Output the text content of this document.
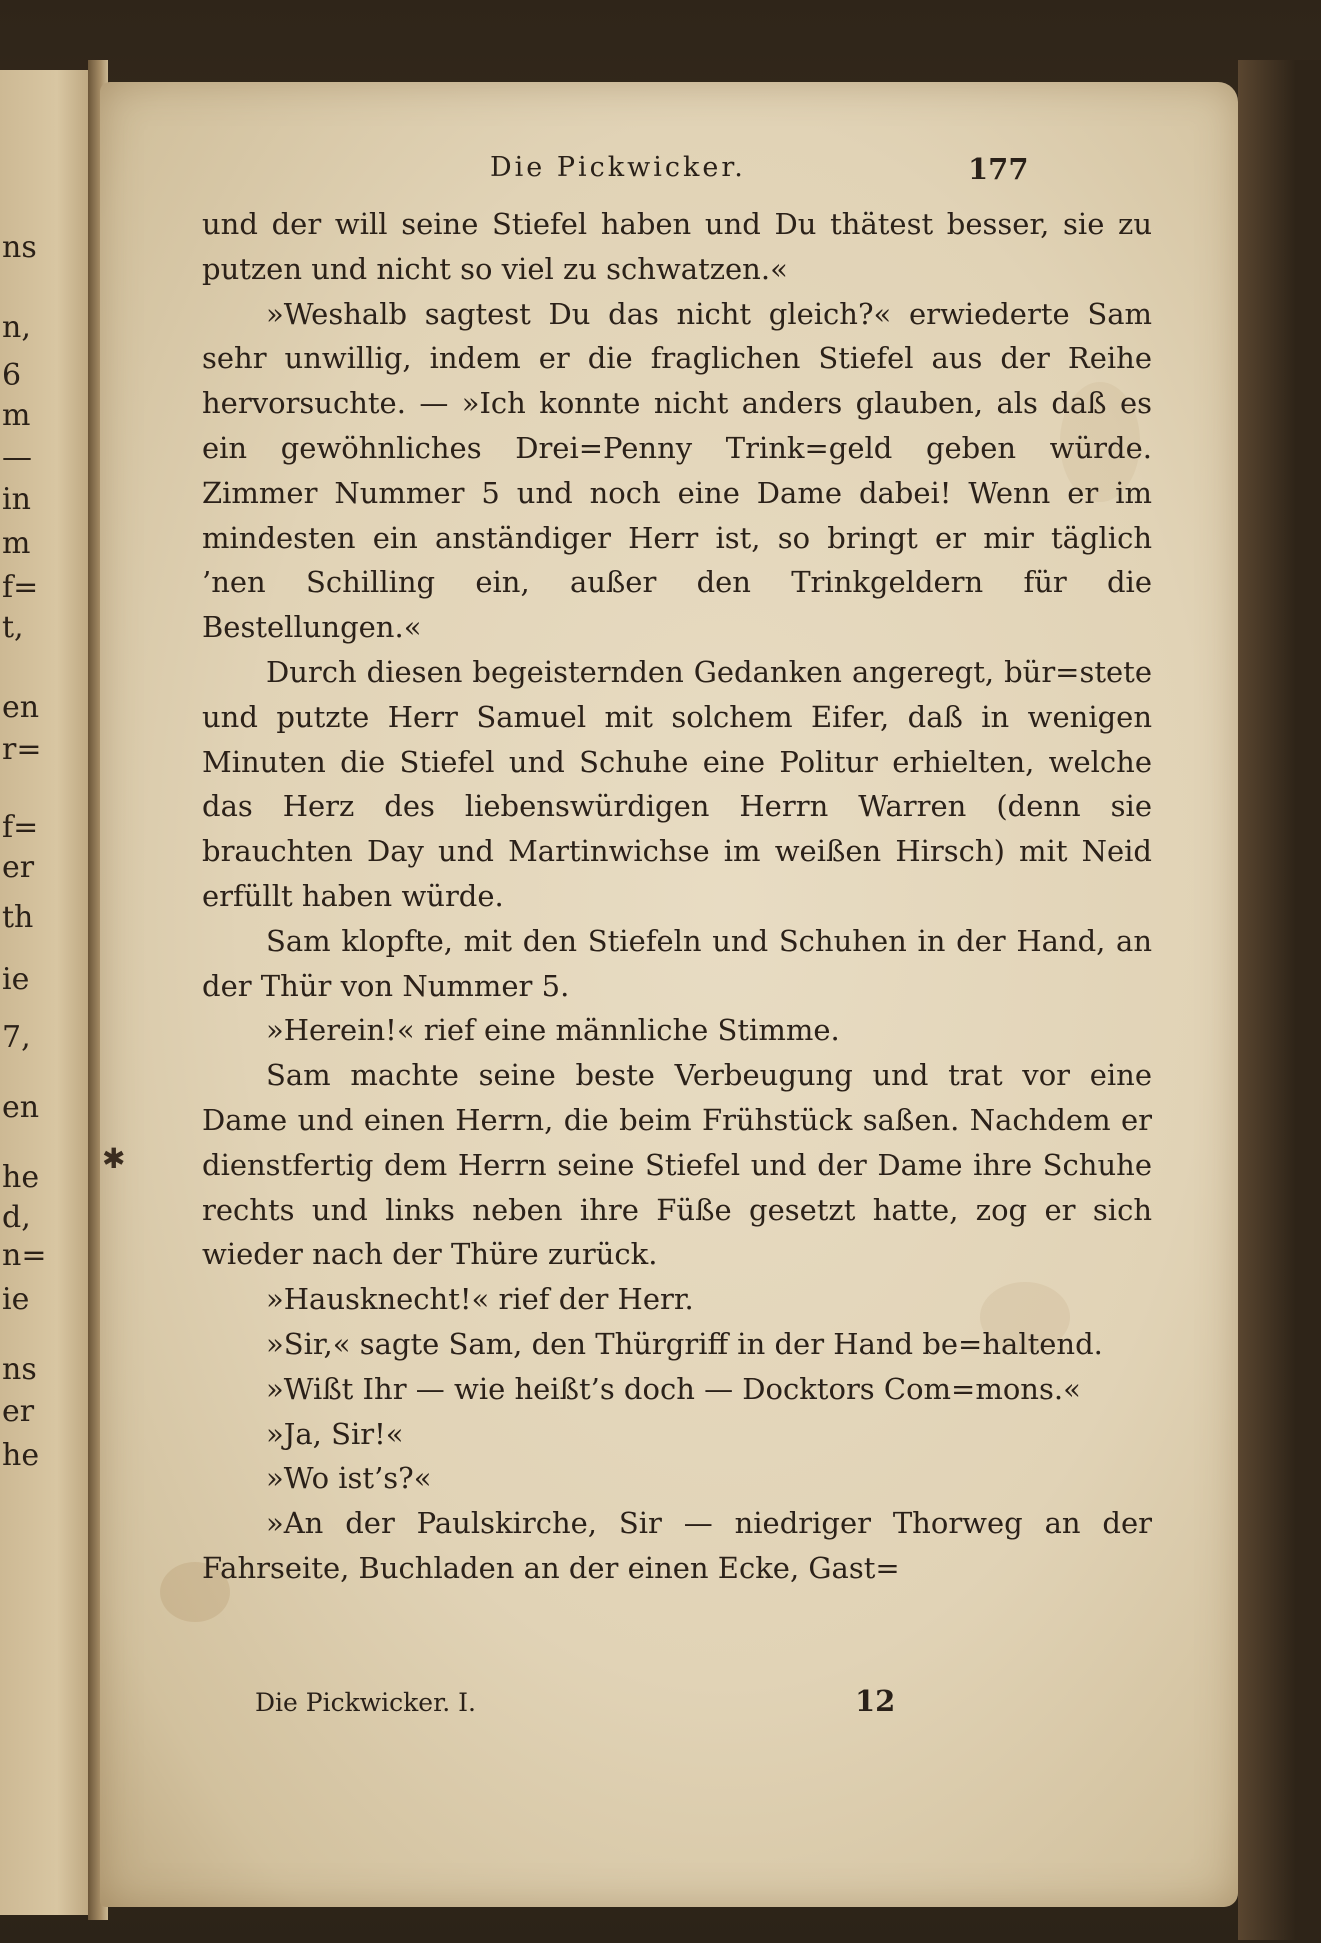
ns
n,
6
m
—
in
m
f=
t,
en
r=
f=
er
th
ie
7,
en
he
d,
n=
ie
ns
er
he
Die Pickwicker.	177
✱

und der will seine Stiefel haben und Du thätest besser, sie zu putzen und nicht so viel zu schwatzen.«

»Weshalb sagtest Du das nicht gleich?« erwiederte Sam sehr unwillig, indem er die fraglichen Stiefel aus der Reihe hervorsuchte. — »Ich konnte nicht anders glauben, als daß es ein gewöhnliches Drei=Penny Trink=geld geben würde. Zimmer Nummer 5 und noch eine Dame dabei! Wenn er im mindesten ein anständiger Herr ist, so bringt er mir täglich ’nen Schilling ein, außer den Trinkgeldern für die Bestellungen.«

Durch diesen begeisternden Gedanken angeregt, bür=stete und putzte Herr Samuel mit solchem Eifer, daß in wenigen Minuten die Stiefel und Schuhe eine Politur erhielten, welche das Herz des liebenswürdigen Herrn Warren (denn sie brauchten Day und Martinwichse im weißen Hirsch) mit Neid erfüllt haben würde.

Sam klopfte, mit den Stiefeln und Schuhen in der Hand, an der Thür von Nummer 5.

»Herein!« rief eine männliche Stimme.

Sam machte seine beste Verbeugung und trat vor eine Dame und einen Herrn, die beim Frühstück saßen. Nachdem er dienstfertig dem Herrn seine Stiefel und der Dame ihre Schuhe rechts und links neben ihre Füße gesetzt hatte, zog er sich wieder nach der Thüre zurück.

»Hausknecht!« rief der Herr.

»Sir,« sagte Sam, den Thürgriff in der Hand be=haltend.

»Wißt Ihr — wie heißt’s doch — Docktors Com=mons.«

»Ja, Sir!«

»Wo ist’s?«

»An der Paulskirche, Sir — niedriger Thorweg an der Fahrseite, Buchladen an der einen Ecke, Gast=

Die Pickwicker. I.	12
